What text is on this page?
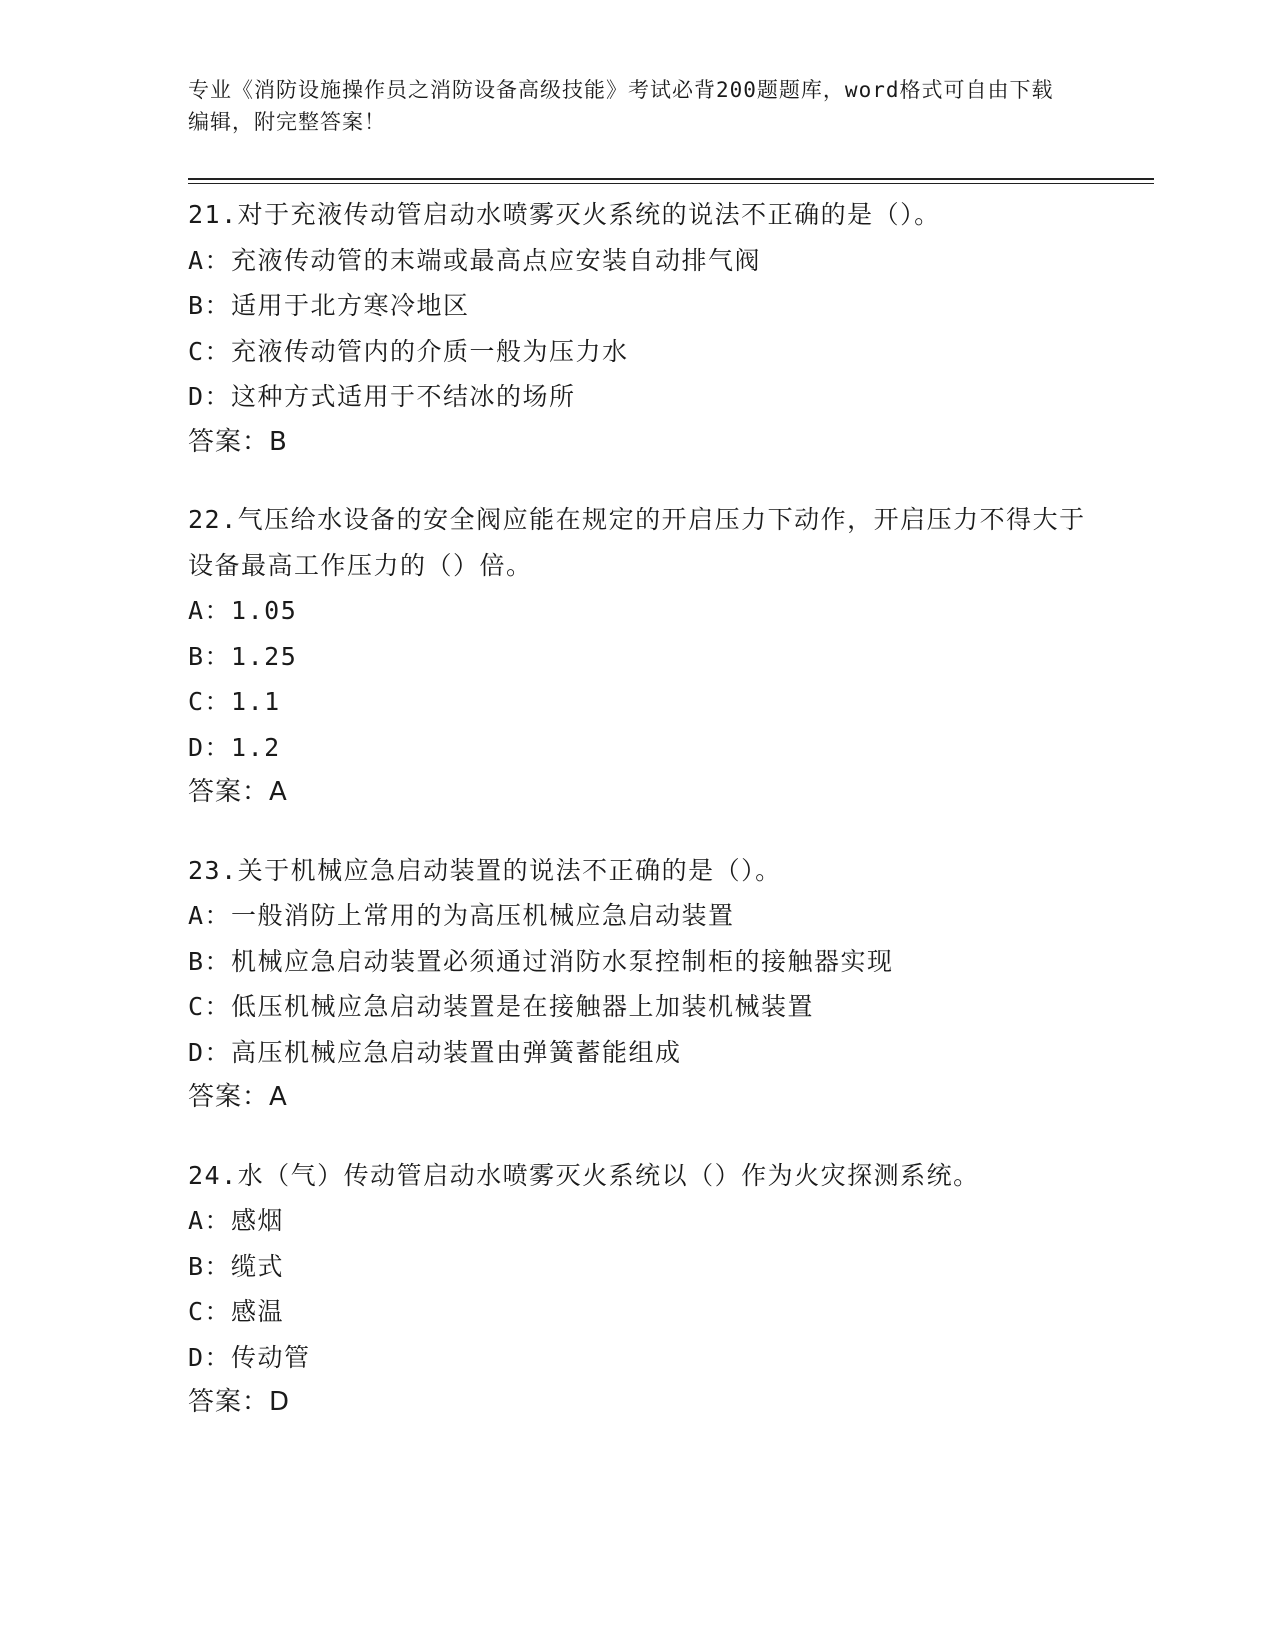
专业《消防设施操作员之消防设备高级技能》考试必背200题题库，word格式可自由下载编辑，附完整答案！
21.对于充液传动管启动水喷雾灭火系统的说法不正确的是（）。
A：充液传动管的末端或最高点应安装自动排气阀
B：适用于北方寒冷地区
C：充液传动管内的介质一般为压力水
D：这种方式适用于不结冰的场所
答案：B
22.气压给水设备的安全阀应能在规定的开启压力下动作，开启压力不得大于设备最高工作压力的（）倍。
A：1.05
B：1.25
C：1.1
D：1.2
答案：A
23.关于机械应急启动装置的说法不正确的是（）。
A：一般消防上常用的为高压机械应急启动装置
B：机械应急启动装置必须通过消防水泵控制柜的接触器实现
C：低压机械应急启动装置是在接触器上加装机械装置
D：高压机械应急启动装置由弹簧蓄能组成
答案：A
24.水（气）传动管启动水喷雾灭火系统以（）作为火灾探测系统。
A：感烟
B：缆式
C：感温
D：传动管
答案：D
